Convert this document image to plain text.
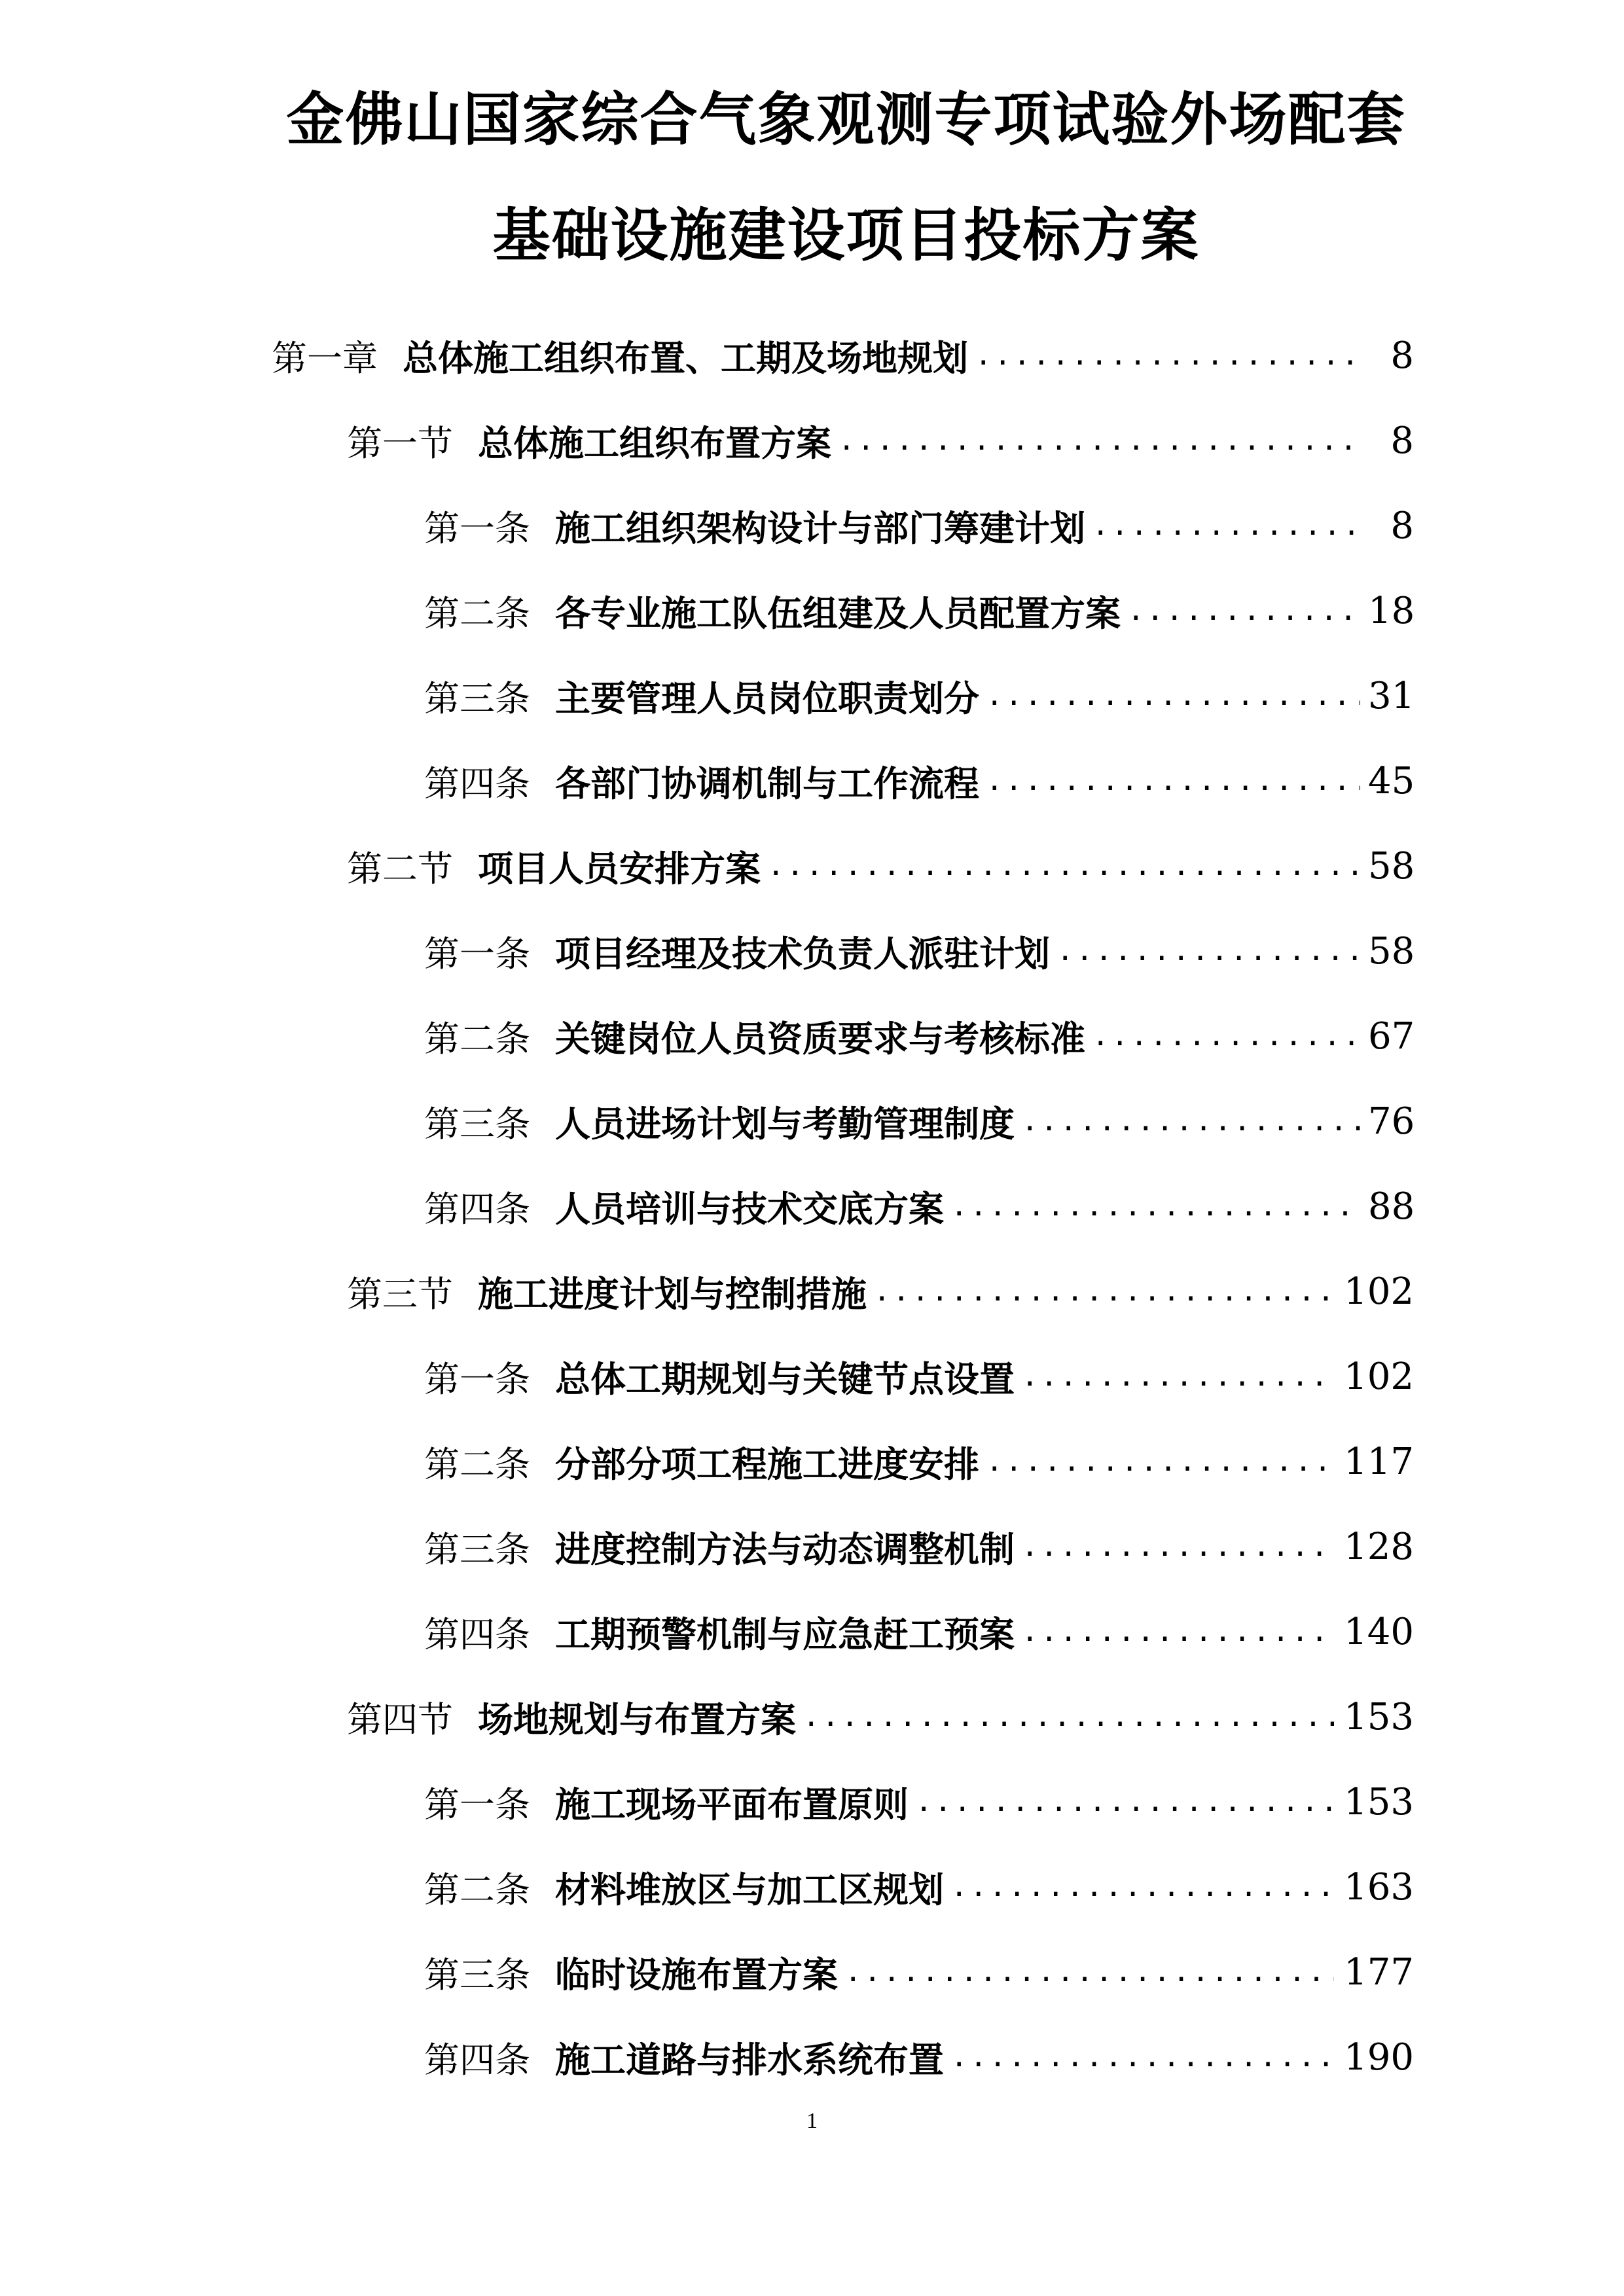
金佛山国家综合气象观测专项试验外场配套
基础设施建设项目投标方案
第一章 总体施工组织布置、工期及场地规划 .....	8
第一节 总体施工组织布置方案 .....	8
第一条 施工组织架构设计与部门筹建计划 .....	8
第二条 各专业施工队伍组建及人员配置方案 .....	18
第三条 主要管理人员岗位职责划分 .....	31
第四条 各部门协调机制与工作流程 .....	45
第二节 项目人员安排方案 .....	58
第一条 项目经理及技术负责人派驻计划 .....	58
第二条 关键岗位人员资质要求与考核标准 .....	67
第三条 人员进场计划与考勤管理制度 .....	76
第四条 人员培训与技术交底方案 .....	88
第三节 施工进度计划与控制措施 .....	102
第一条 总体工期规划与关键节点设置 .....	102
第二条 分部分项工程施工进度安排 .....	117
第三条 进度控制方法与动态调整机制 .....	128
第四条 工期预警机制与应急赶工预案 .....	140
第四节 场地规划与布置方案 .....	153
第一条 施工现场平面布置原则 .....	153
第二条 材料堆放区与加工区规划 .....	163
第三条 临时设施布置方案 .....	177
第四条 施工道路与排水系统布置 .....	190

1
